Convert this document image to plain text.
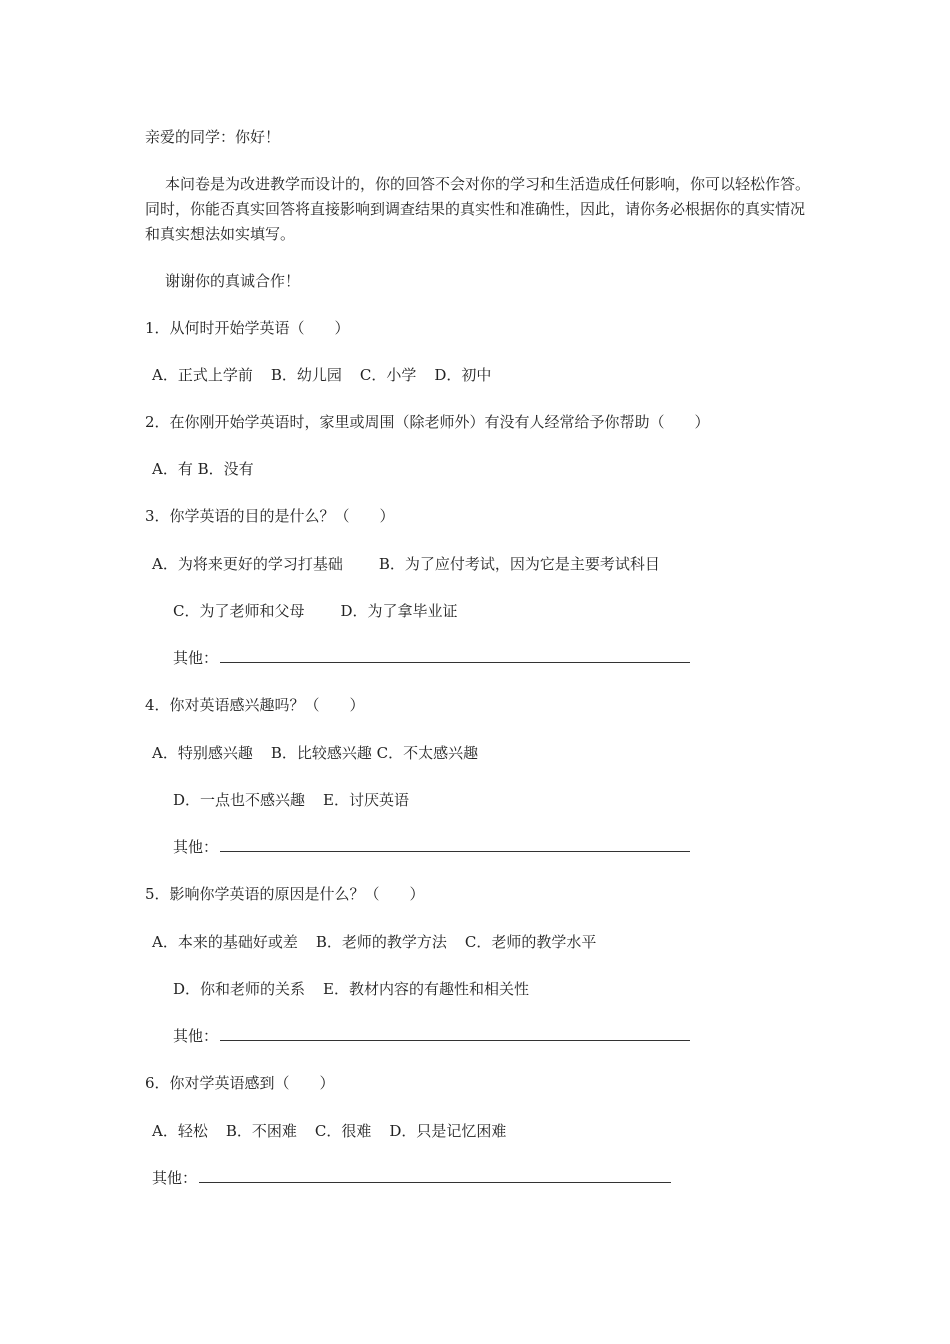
亲爱的同学：你好！
本问卷是为改进教学而设计的，你的回答不会对你的学习和生活造成任何影响，你可以轻松作答。同时，你能否真实回答将直接影响到调查结果的真实性和准确性，因此，请你务必根据你的真实情况和真实想法如实填写。
谢谢你的真诚合作！
1．从何时开始学英语（　　）
A．正式上学前 B．幼儿园 C．小学 D．初中
2．在你刚开始学英语时，家里或周围（除老师外）有没有人经常给予你帮助（　　）
A．有 B．没有
3．你学英语的目的是什么？（　　）
A．为将来更好的学习打基础 B．为了应付考试，因为它是主要考试科目
C．为了老师和父母 D．为了拿毕业证
其他：
4．你对英语感兴趣吗？（　　）
A．特别感兴趣 B．比较感兴趣 C．不太感兴趣
D．一点也不感兴趣 E．讨厌英语
其他：
5．影响你学英语的原因是什么？（　　）
A．本来的基础好或差 B．老师的教学方法 C．老师的教学水平
D．你和老师的关系 E．教材内容的有趣性和相关性
其他：
6．你对学英语感到（　　）
A．轻松 B．不困难 C．很难 D．只是记忆困难
其他：
